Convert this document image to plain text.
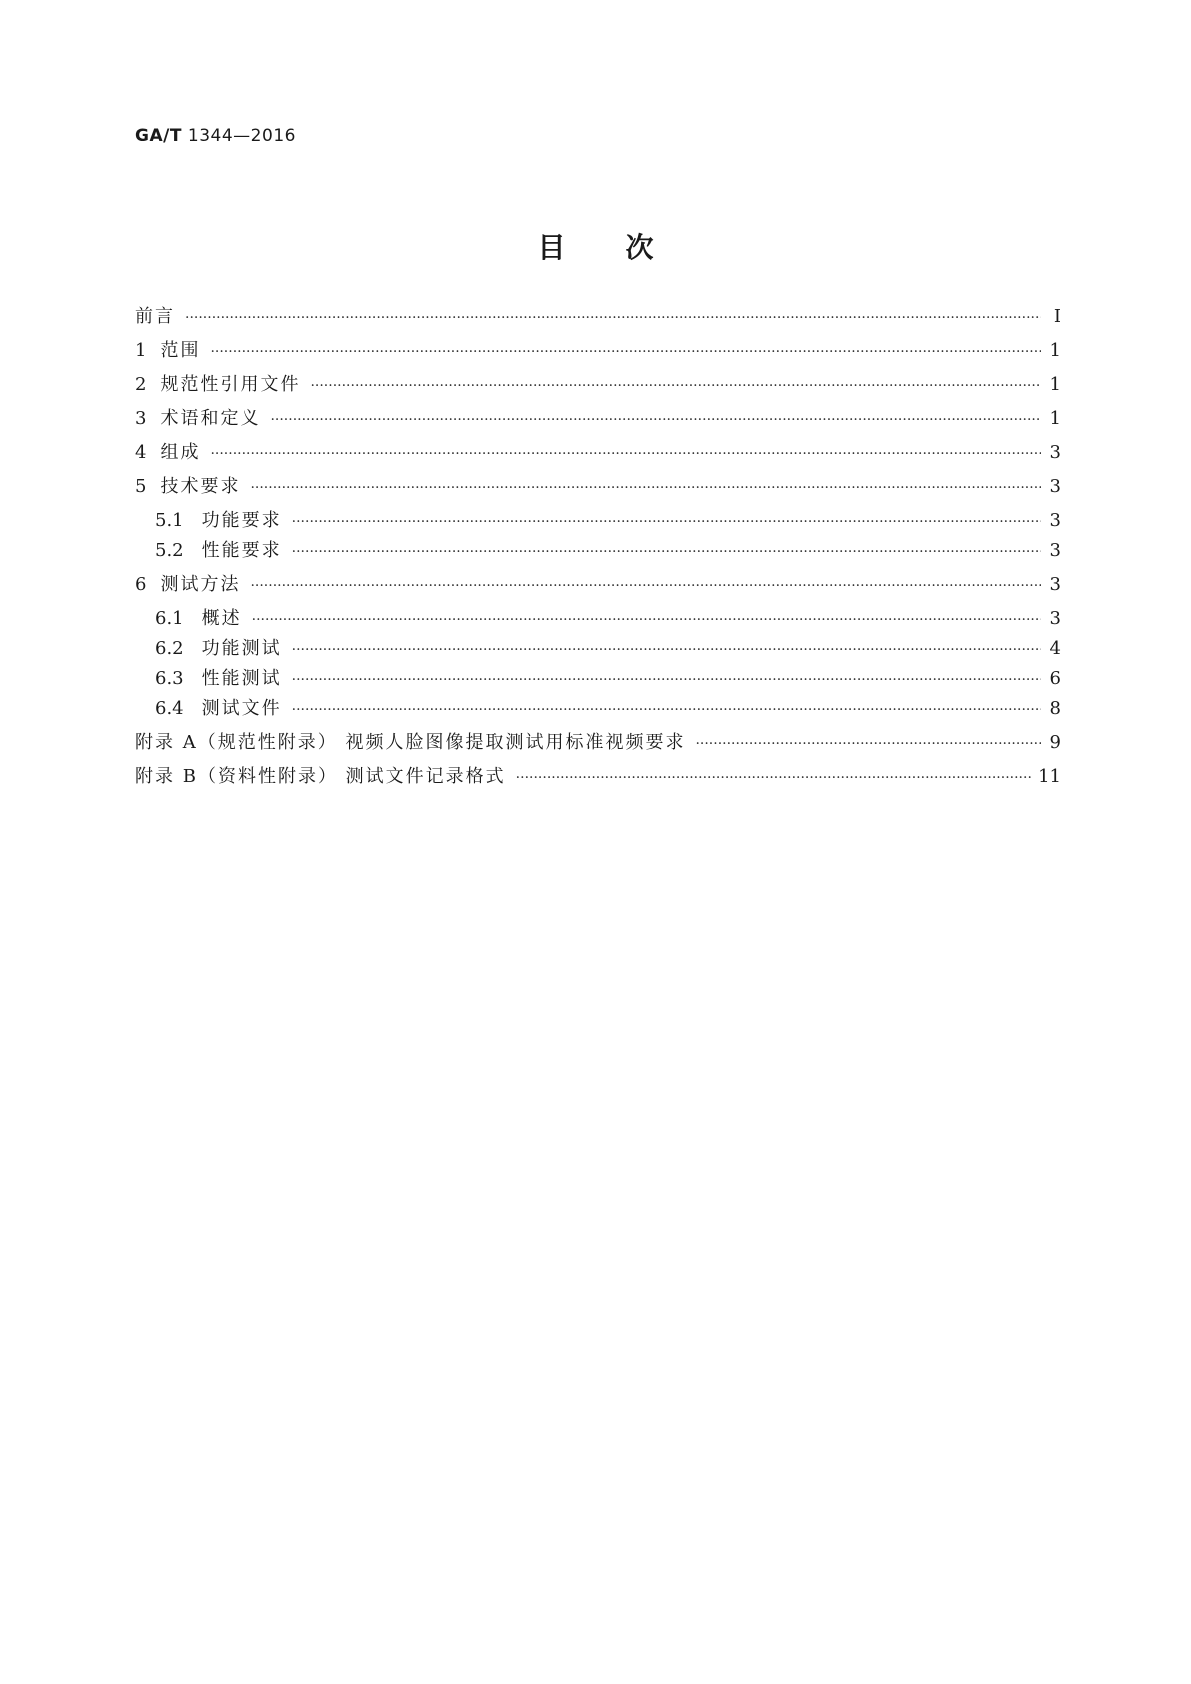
GA/T 1344—2016
目次
前言 ·····	Ⅰ
1 范围 ·····	1
2 规范性引用文件 ·····	1
3 术语和定义 ·····	1
4 组成 ·····	3
5 技术要求 ·····	3
5.1 功能要求 ·····	3
5.2 性能要求 ·····	3
6 测试方法 ·····	3
6.1 概述 ·····	3
6.2 功能测试 ·····	4
6.3 性能测试 ·····	6
6.4 测试文件 ·····	8
附录 A（规范性附录） 视频人脸图像提取测试用标准视频要求 ·····	9
附录 B（资料性附录） 测试文件记录格式 ·····	11
